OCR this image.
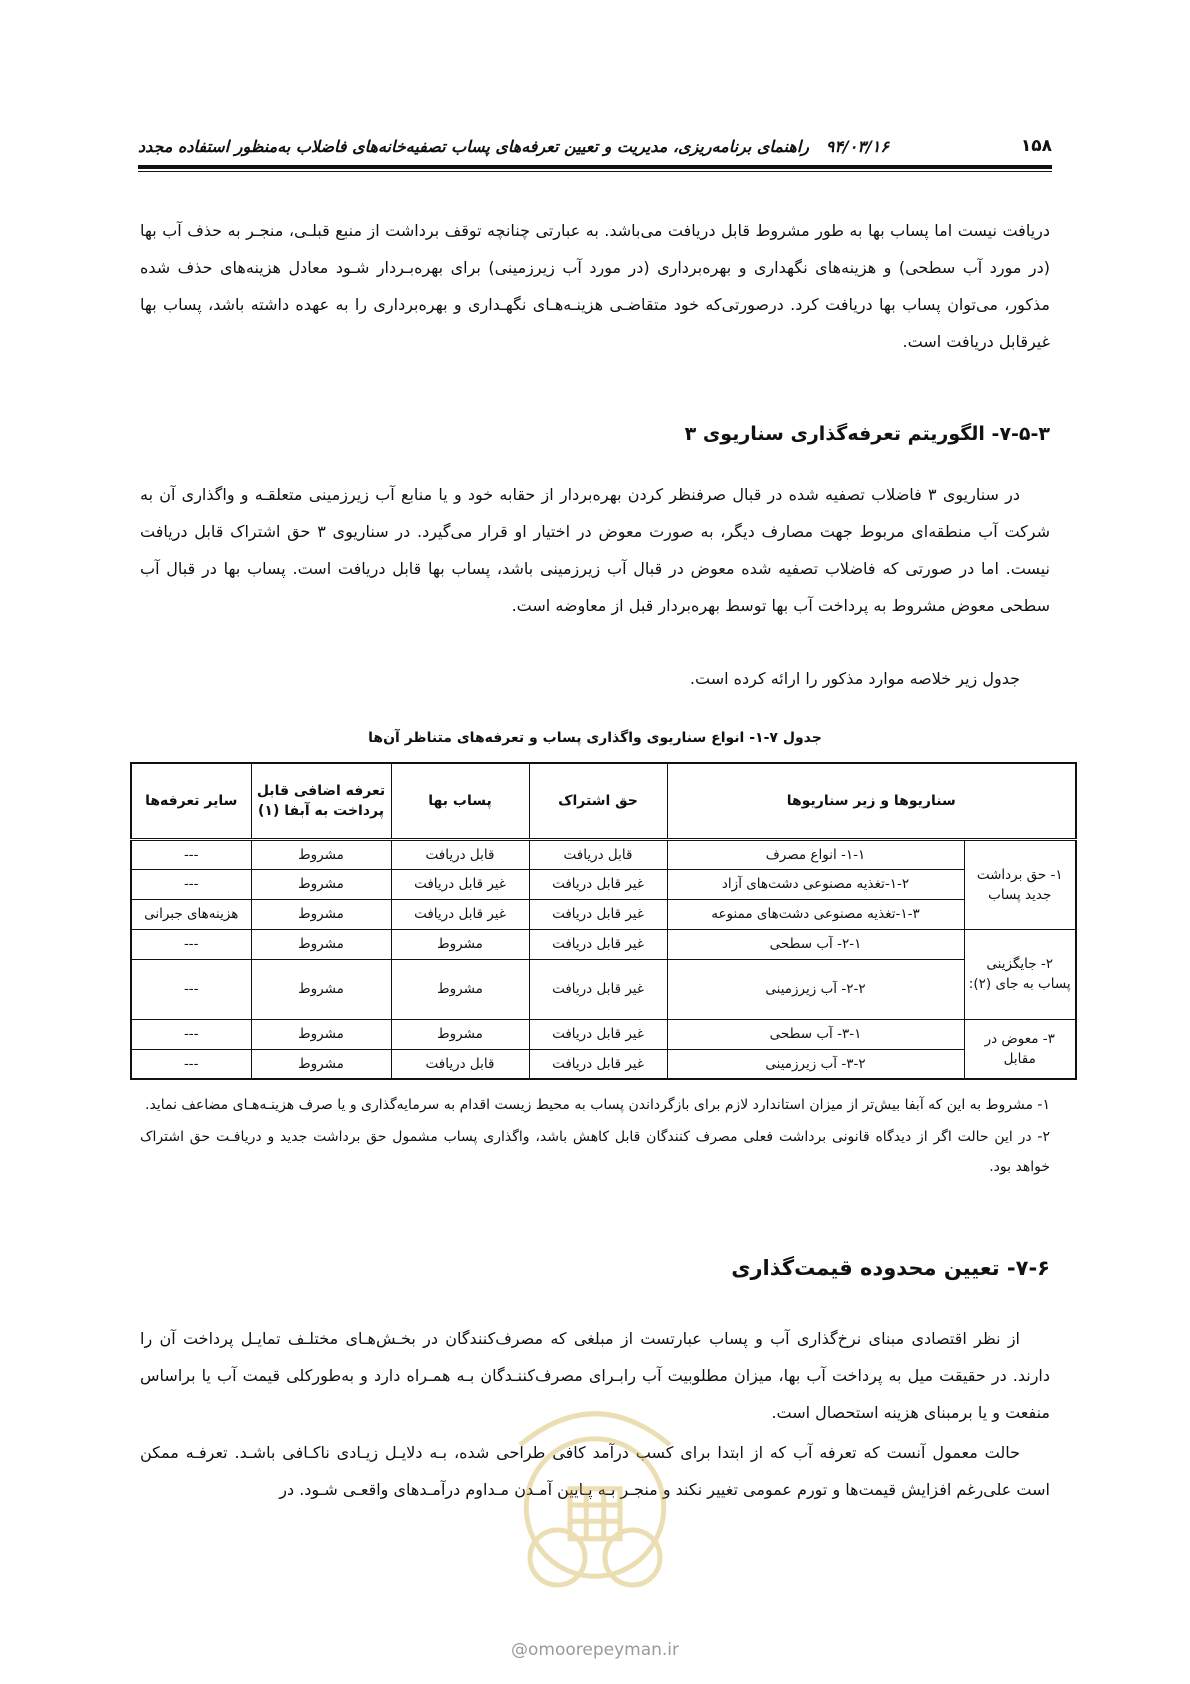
۱۵۸
۹۴/۰۳/۱۶   راهنمای برنامه‌ریزی، مدیریت و تعیین تعرفه‌های پساب تصفیه‌خانه‌های فاضلاب به‌منظور استفاده مجدد

دریافت نیست اما پساب بها به طور مشروط قابل دریافت می‌باشد. به عبارتی چنانچه توقف برداشت از منبع قبلـی، منجـر به حذف آب بها (در مورد آب سطحی) و هزینه‌های نگهداری و بهره‌برداری (در مورد آب زیرزمینی) برای بهره‌بـردار شـود معادل هزینه‌های حذف شده مذکور، می‌توان پساب بها دریافت کرد. درصورتی‌که خود متقاضـی هزینـه‌هـای نگهـداری و بهره‌برداری را به عهده داشته باشد، پساب بها غیرقابل دریافت است.

۷-۵-۳- الگوریتم تعرفه‌گذاری سناریوی ۳

در سناریوی ۳ فاضلاب تصفیه شده در قبال صرفنظر کردن بهره‌بردار از حقابه خود و یا منابع آب زیرزمینی متعلقـه و واگذاری آن به شرکت آب منطقه‌ای مربوط جهت مصارف دیگر، به صورت معوض در اختیار او قرار می‌گیرد. در سناریوی ۳ حق اشتراک قابل دریافت نیست. اما در صورتی که فاضلاب تصفیه شده معوض در قبال آب زیرزمینی باشد، پساب بها قابل دریافت است. پساب بها در قبال آب سطحی معوض مشروط به پرداخت آب بها توسط بهره‌بردار قبل از معاوضه است.

جدول زیر خلاصه موارد مذکور را ارائه کرده است.

جدول ۷-۱- انواع سناریوی واگذاری پساب و تعرفه‌های متناظر آن‌ها
سناریوها و زیر سناریوها		حق اشتراک	پساب بها	تعرفه اضافی قابل پرداخت به آبفا (۱)	سایر تعرفه‌ها
۱- حق برداشت جدید پساب	۱-۱- انواع مصرف	قابل دریافت	قابل دریافت	مشروط	---
	۱-۲-تغذیه مصنوعی دشت‌های آزاد	غیر قابل دریافت	غیر قابل دریافت	مشروط	---
	۱-۳-تغذیه مصنوعی دشت‌های ممنوعه	غیر قابل دریافت	غیر قابل دریافت	مشروط	هزینه‌های جبرانی
۲- جایگزینی پساب به جای (۲):	۲-۱- آب سطحی	غیر قابل دریافت	مشروط	مشروط	---
	۲-۲- آب زیرزمینی	غیر قابل دریافت	مشروط	مشروط	---
۳- معوض در مقابل	۳-۱- آب سطحی	غیر قابل دریافت	مشروط	مشروط	---
	۳-۲- آب زیرزمینی	غیر قابل دریافت	قابل دریافت	مشروط	---

۱- مشروط به این که آبفا بیش‌تر از میزان استاندارد لازم برای بازگرداندن پساب به محیط زیست اقدام به سرمایه‌گذاری و یا صرف هزینـه‌هـای مضاعف نماید.

۲- در این حالت اگر از دیدگاه قانونی برداشت فعلی مصرف کنندگان قابل کاهش باشد، واگذاری پساب مشمول حق برداشت جدید و دریافـت حق اشتراک خواهد بود.

۷-۶- تعیین محدوده قیمت‌گذاری

از نظر اقتصادی مبنای نرخ‌گذاری آب و پساب عبارتست از مبلغی که مصرف‌کنندگان در بخـش‌هـای مختلـف تمایـل پرداخت آن را دارند. در حقیقت میل به پرداخت آب بها، میزان مطلوبیت آب رابـرای مصرف‌کننـدگان بـه همـراه دارد و به‌طورکلی قیمت آب یا براساس منفعت و یا برمبنای هزینه استحصال است.

حالت معمول آنست که تعرفه آب که از ابتدا برای کسب درآمد کافی طراحی شده، بـه دلایـل زیـادی ناکـافی باشـد. تعرفـه ممکن است علی‌رغم افزایش قیمت‌ها و تورم عمومی تغییر نکند و منجـر بـه پـایین آمـدن مـداوم درآمـدهای واقعـی شـود. در

@omoorepeyman.ir
